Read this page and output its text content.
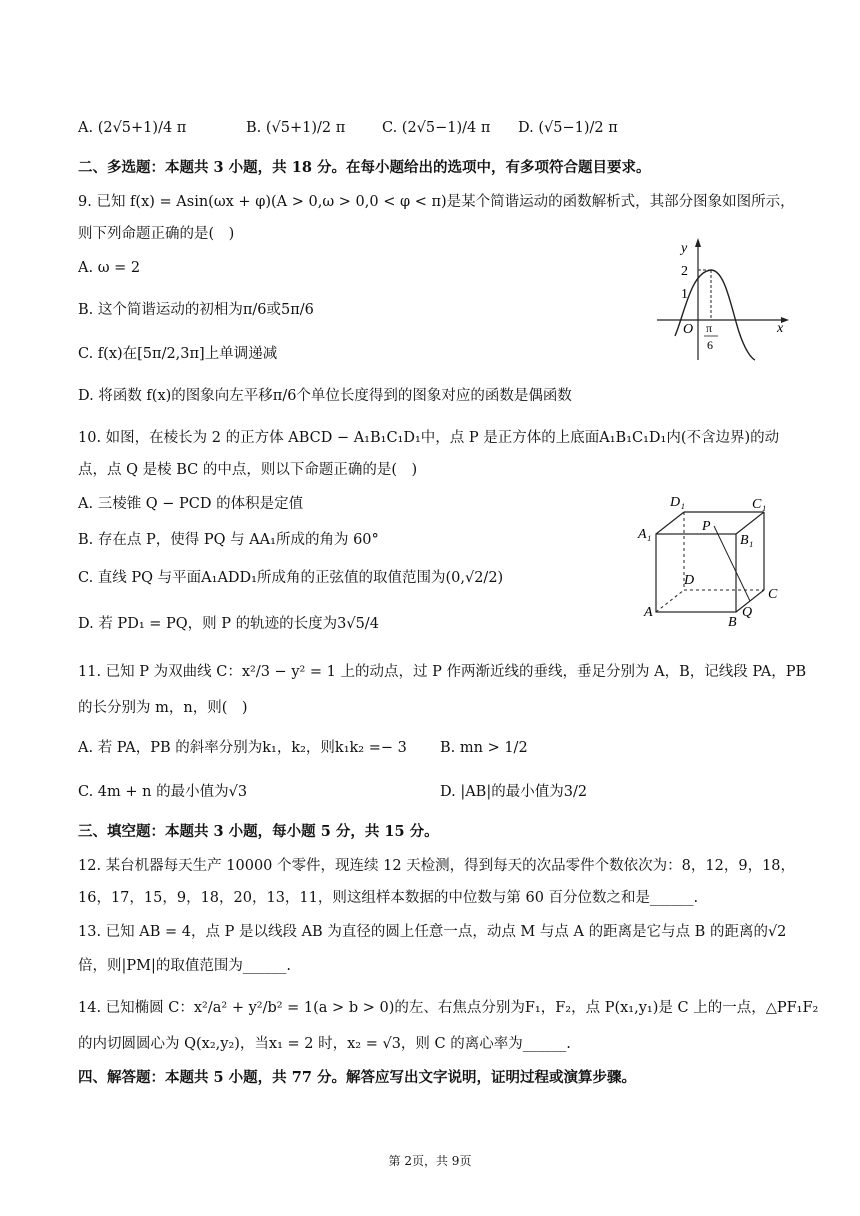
A. (2√5+1)/4 π	B. (√5+1)/2 π	C. (2√5−1)/4 π D. (√5−1)/2 π
二、多选题：本题共 3 小题，共 18 分。在每小题给出的选项中，有多项符合题目要求。
9. 已知 f(x) = Asin(ωx + φ)(A > 0,ω > 0,0 < φ < π)是某个简谐运动的函数解析式，其部分图象如图所示，
则下列命题正确的是(　)
A. ω = 2
B. 这个简谐运动的初相为π/6或5π/6
C. f(x)在[5π/2,3π]上单调递减
D. 将函数 f(x)的图象向左平移π/6个单位长度得到的图象对应的函数是偶函数
y
x
O
2
1
π
6
10. 如图，在棱长为 2 的正方体 ABCD − A₁B₁C₁D₁中，点 P 是正方体的上底面A₁B₁C₁D₁内(不含边界)的动
点，点 Q 是棱 BC 的中点，则以下命题正确的是(　)
A. 三棱锥 Q − PCD 的体积是定值
B. 存在点 P，使得 PQ 与 AA₁所成的角为 60°
C. 直线 PQ 与平面A₁ADD₁所成角的正弦值的取值范围为(0,√2/2)
D. 若 PD₁ = PQ，则 P 的轨迹的长度为3√5/4
D₁	C₁
A₁	B₁
P
D
C
A
B
Q
11. 已知 P 为双曲线 C：x²/3 − y² = 1 上的动点，过 P 作两渐近线的垂线，垂足分别为 A，B，记线段 PA，PB
的长分别为 m，n，则(　)
A. 若 PA，PB 的斜率分别为k₁，k₂，则k₁k₂ =− 3 B. mn > 1/2
C. 4m + n 的最小值为√3	D. |AB|的最小值为3/2
三、填空题：本题共 3 小题，每小题 5 分，共 15 分。
12. 某台机器每天生产 10000 个零件，现连续 12 天检测，得到每天的次品零件个数依次为：8，12，9，18，
16，17，15，9，18，20，13，11，则这组样本数据的中位数与第 60 百分位数之和是______.
13. 已知 AB = 4，点 P 是以线段 AB 为直径的圆上任意一点，动点 M 与点 A 的距离是它与点 B 的距离的√2
倍，则|PM|的取值范围为______.
14. 已知椭圆 C：x²/a² + y²/b² = 1(a > b > 0)的左、右焦点分别为F₁，F₂，点 P(x₁,y₁)是 C 上的一点，△PF₁F₂
的内切圆圆心为 Q(x₂,y₂)，当x₁ = 2 时，x₂ = √3，则 C 的离心率为______.
四、解答题：本题共 5 小题，共 77 分。解答应写出文字说明，证明过程或演算步骤。
第 2页，共 9页
